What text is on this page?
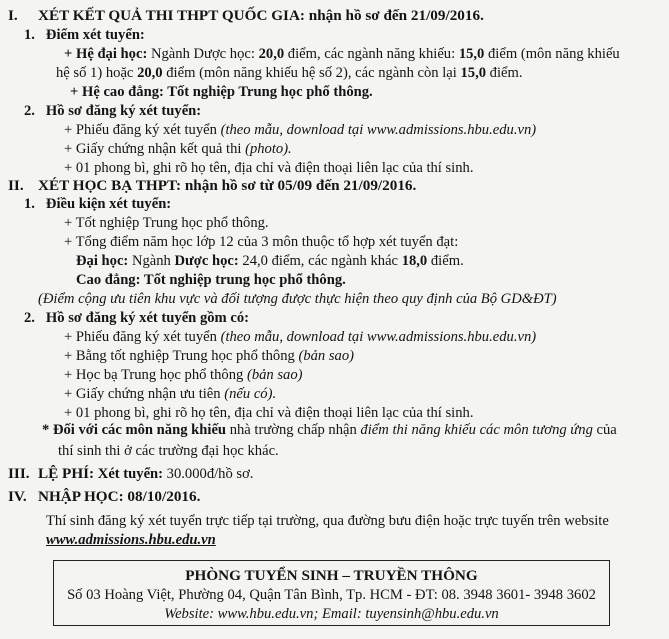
I. XÉT KẾT QUẢ THI THPT QUỐC GIA: nhận hồ sơ đến 21/09/2016.
1. Điểm xét tuyển:
+ Hệ đại học: Ngành Dược học: 20,0 điểm, các ngành năng khiếu: 15,0 điểm (môn năng khiếu
hệ số 1) hoặc 20,0 điểm (môn năng khiếu hệ số 2), các ngành còn lại 15,0 điểm.
+ Hệ cao đẳng: Tốt nghiệp Trung học phổ thông.
2. Hồ sơ đăng ký xét tuyển:
+ Phiếu đăng ký xét tuyển (theo mẫu, download tại www.admissions.hbu.edu.vn)
+ Giấy chứng nhận kết quả thi (photo).
+ 01 phong bì, ghi rõ họ tên, địa chỉ và điện thoại liên lạc của thí sinh.
II. XÉT HỌC BẠ THPT: nhận hồ sơ từ 05/09 đến 21/09/2016.
1. Điều kiện xét tuyển:
+ Tốt nghiệp Trung học phổ thông.
+ Tổng điểm năm học lớp 12 của 3 môn thuộc tổ hợp xét tuyển đạt:
Đại học: Ngành Dược học: 24,0 điểm, các ngành khác 18,0 điểm.
Cao đẳng: Tốt nghiệp trung học phổ thông.
(Điểm cộng ưu tiên khu vực và đối tượng được thực hiện theo quy định của Bộ GD&ĐT)
2. Hồ sơ đăng ký xét tuyển gồm có:
+ Phiếu đăng ký xét tuyển (theo mẫu, download tại www.admissions.hbu.edu.vn)
+ Bằng tốt nghiệp Trung học phổ thông (bản sao)
+ Học bạ Trung học phổ thông (bản sao)
+ Giấy chứng nhận ưu tiên (nếu có).
+ 01 phong bì, ghi rõ họ tên, địa chỉ và điện thoại liên lạc của thí sinh.
* Đối với các môn năng khiếu nhà trường chấp nhận điểm thi năng khiếu các môn tương ứng của
thí sinh thi ở các trường đại học khác.
III. LỆ PHÍ: Xét tuyển: 30.000đ/hồ sơ.
IV. NHẬP HỌC: 08/10/2016.
Thí sinh đăng ký xét tuyển trực tiếp tại trường, qua đường bưu điện hoặc trực tuyến trên website
www.admissions.hbu.edu.vn
PHÒNG TUYỂN SINH – TRUYỀN THÔNG
Số 03 Hoàng Việt, Phường 04, Quận Tân Bình, Tp. HCM - ĐT: 08. 3948 3601- 3948 3602
Website: www.hbu.edu.vn; Email: tuyensinh@hbu.edu.vn
